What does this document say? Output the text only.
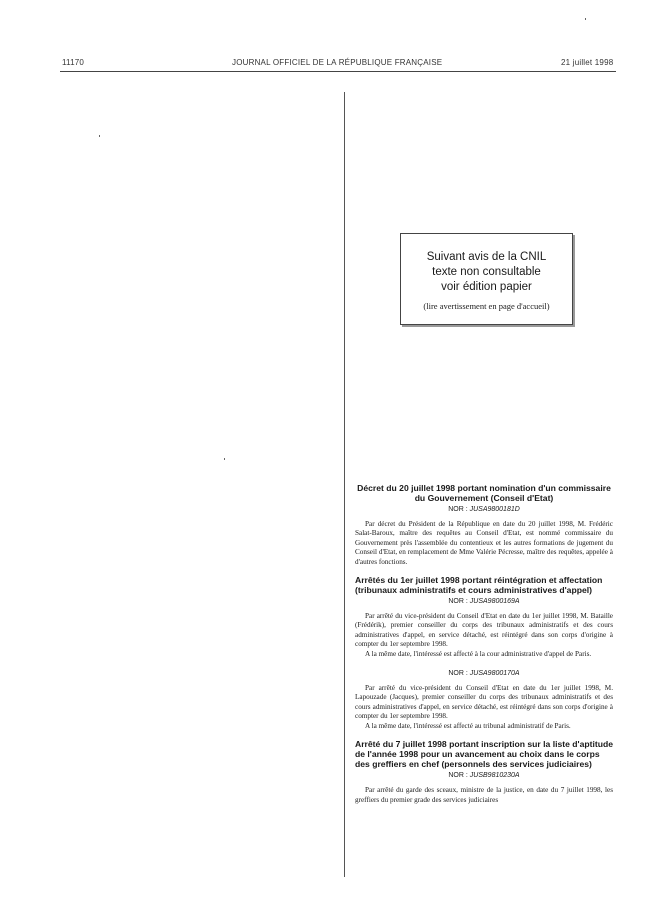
11170	JOURNAL OFFICIEL DE LA RÉPUBLIQUE FRANÇAISE	21 juillet 1998
Suivant avis de la CNIL
texte non consultable
voir édition papier
(lire avertissement en page d'accueil)
Décret du 20 juillet 1998 portant nomination d'un commissaire du Gouvernement (Conseil d'Etat)
NOR : JUSA9800181D

Par décret du Président de la République en date du 20 juillet 1998, M. Frédéric Salat-Baroux, maître des requêtes au Conseil d'Etat, est nommé commissaire du Gouvernement près l'assemblée du contentieux et les autres formations de jugement du Conseil d'Etat, en remplacement de Mme Valérie Pécresse, maître des requêtes, appelée à d'autres fonctions.

Arrêtés du 1er juillet 1998 portant réintégration et affectation (tribunaux administratifs et cours administratives d'appel)
NOR : JUSA9800169A

Par arrêté du vice-président du Conseil d'Etat en date du 1er juillet 1998, M. Bataille (Frédérik), premier conseiller du corps des tribunaux administratifs et des cours administratives d'appel, en service détaché, est réintégré dans son corps d'origine à compter du 1er septembre 1998.

A la même date, l'intéressé est affecté à la cour administrative d'appel de Paris.

NOR : JUSA9800170A

Par arrêté du vice-président du Conseil d'Etat en date du 1er juillet 1998, M. Lapouzade (Jacques), premier conseiller du corps des tribunaux administratifs et des cours administratives d'appel, en service détaché, est réintégré dans son corps d'origine à compter du 1er septembre 1998.

A la même date, l'intéressé est affecté au tribunal administratif de Paris.

Arrêté du 7 juillet 1998 portant inscription sur la liste d'aptitude de l'année 1998 pour un avancement au choix dans le corps des greffiers en chef (personnels des services judiciaires)
NOR : JUSB9810230A

Par arrêté du garde des sceaux, ministre de la justice, en date du 7 juillet 1998, les greffiers du premier grade des services judiciaires
